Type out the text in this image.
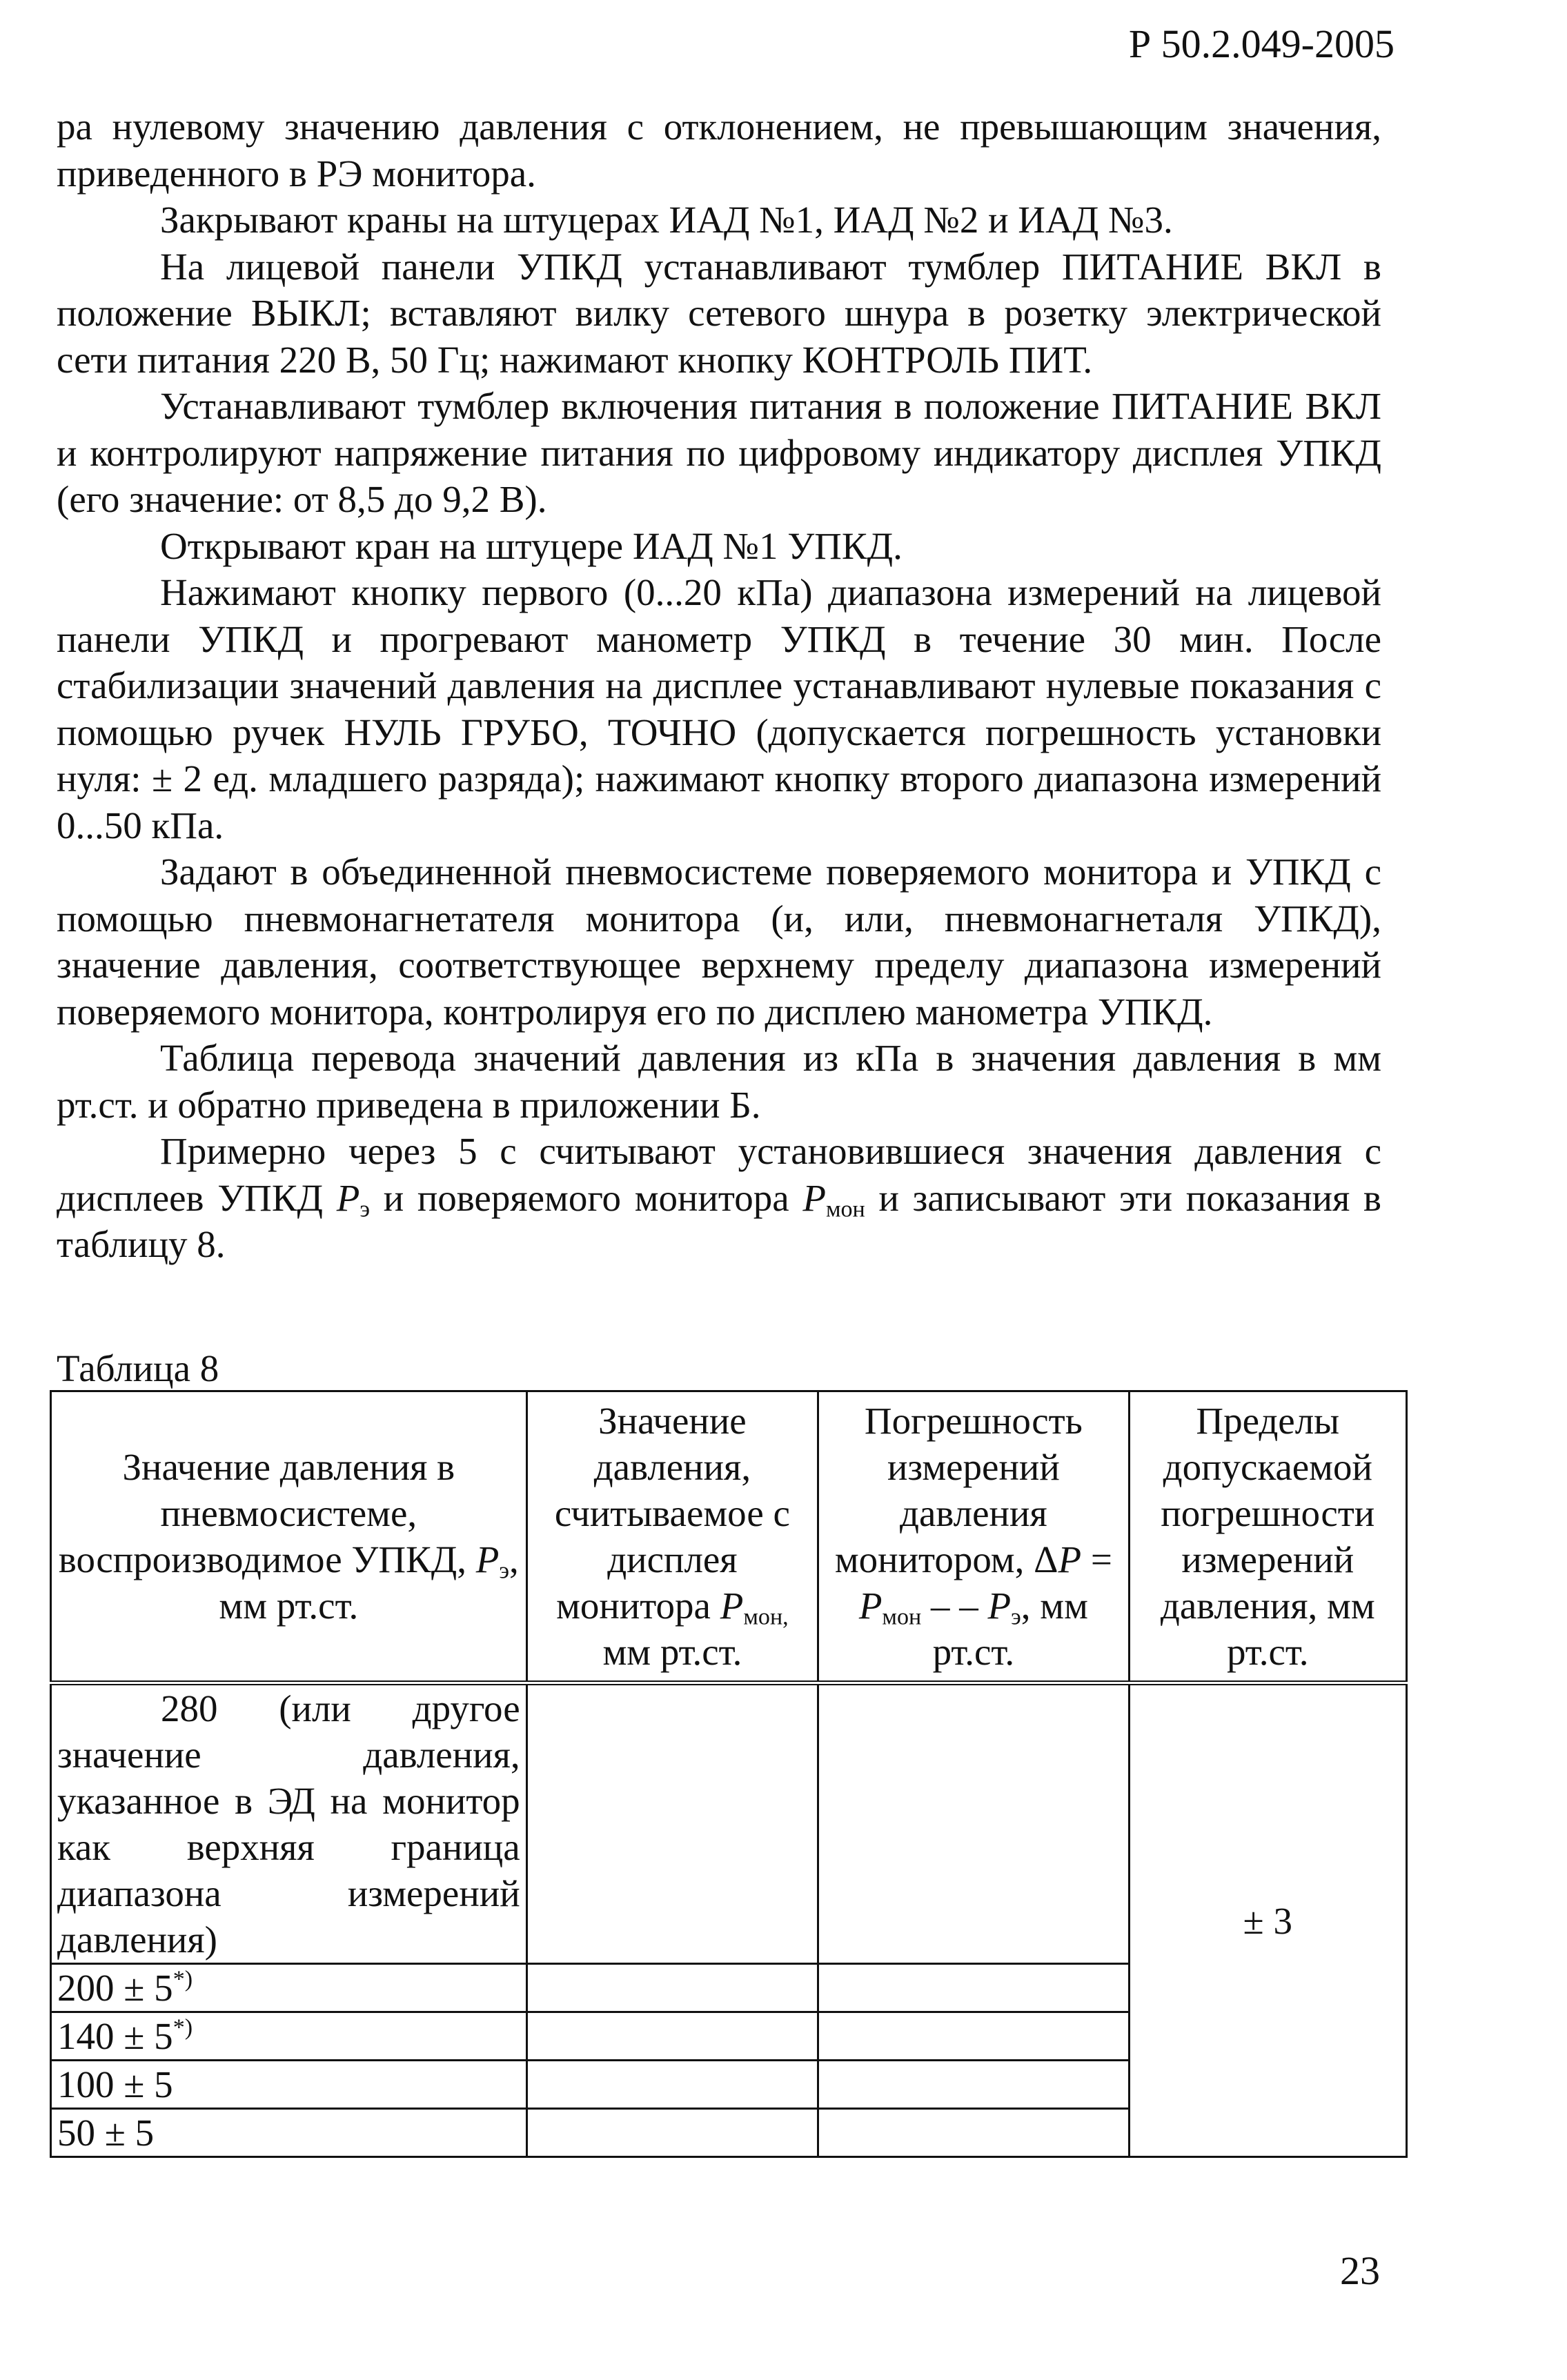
Р 50.2.049-2005

ра нулевому значению давления с отклонением, не превышающим значения, приведенного в РЭ монитора.

Закрывают краны на штуцерах ИАД №1, ИАД №2 и ИАД №3.

На лицевой панели УПКД устанавливают тумблер ПИТАНИЕ ВКЛ в положение ВЫКЛ; вставляют вилку сетевого шнура в розетку электрической сети питания 220 В, 50 Гц; нажимают кнопку КОНТРОЛЬ ПИТ.

Устанавливают тумблер включения питания в положение ПИТАНИЕ ВКЛ и контролируют напряжение питания по цифровому индикатору дисплея УПКД (его значение: от 8,5 до 9,2 В).

Открывают кран на штуцере ИАД №1 УПКД.

Нажимают кнопку первого (0...20 кПа) диапазона измерений на лицевой панели УПКД и прогревают манометр УПКД в течение 30 мин. После стабилизации значений давления на дисплее устанавливают нулевые показания с помощью ручек НУЛЬ ГРУБО, ТОЧНО (допускается погрешность установки нуля: ± 2 ед. младшего разряда); нажимают кнопку второго диапазона измерений 0...50 кПа.

Задают в объединенной пневмосистеме поверяемого монитора и УПКД с помощью пневмонагнетателя монитора (и, или, пневмонагнеталя УПКД), значение давления, соответствующее верхнему пределу диапазона измерений поверяемого монитора, контролируя его по дисплею манометра УПКД.

Таблица перевода значений давления из кПа в значения давления в мм рт.ст. и обратно приведена в приложении Б.

Примерно через 5 с считывают установившиеся значения давления с дисплеев УПКД $P_э$ и поверяемого монитора $P_{мон}$ и записывают эти показания в таблицу 8.

Таблица 8
Значение давления в пневмосистеме, воспроизводимое УПКД, $P_э$, мм рт.ст.	Значение давления, считываемое с дисплея монитора $P_{мон,}$ мм рт.ст.	Погрешность измерений давления монитором, $\Delta P = P_{мон}$ – – $P_э$, мм рт.ст.	Пределы допускаемой погрешности измерений давления, мм рт.ст.
280 (или другое значение давления, указанное в ЭД на монитор как верхняя граница диапазона измерений давления)			± 3
200 ± 5*)		
140 ± 5*)		
100 ± 5			
50 ± 5			
23
